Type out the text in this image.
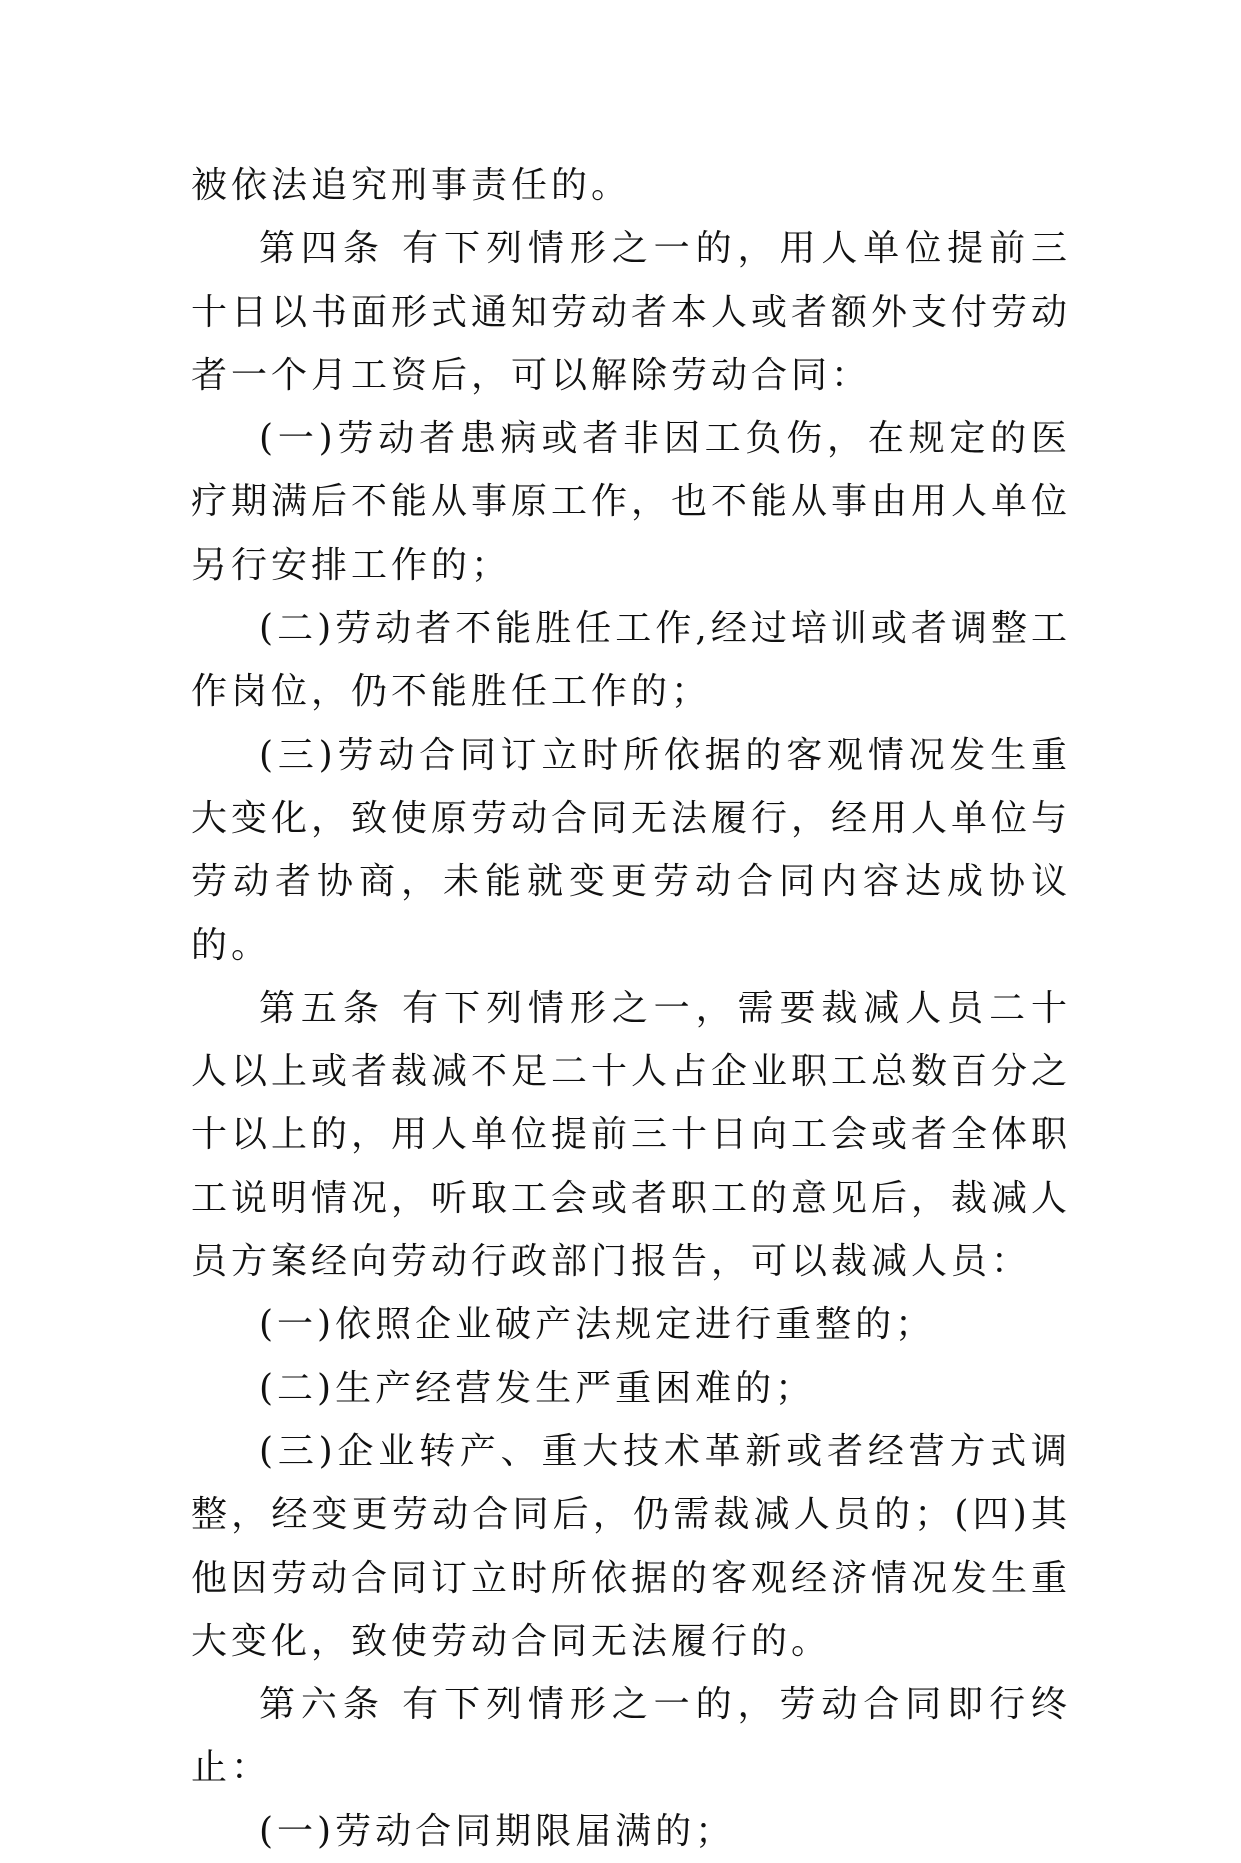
被依法追究刑事责任的。

第四条 有下列情形之一的，用人单位提前三十日以书面形式通知劳动者本人或者额外支付劳动者一个月工资后，可以解除劳动合同：

(一)劳动者患病或者非因工负伤，在规定的医疗期满后不能从事原工作，也不能从事由用人单位另行安排工作的；

(二)劳动者不能胜任工作,经过培训或者调整工作岗位，仍不能胜任工作的；

(三)劳动合同订立时所依据的客观情况发生重大变化，致使原劳动合同无法履行，经用人单位与劳动者协商，未能就变更劳动合同内容达成协议的。

第五条 有下列情形之一，需要裁减人员二十人以上或者裁减不足二十人占企业职工总数百分之十以上的，用人单位提前三十日向工会或者全体职工说明情况，听取工会或者职工的意见后，裁减人员方案经向劳动行政部门报告，可以裁减人员：

(一)依照企业破产法规定进行重整的；

(二)生产经营发生严重困难的；

(三)企业转产、重大技术革新或者经营方式调整，经变更劳动合同后，仍需裁减人员的；(四)其他因劳动合同订立时所依据的客观经济情况发生重大变化，致使劳动合同无法履行的。

第六条 有下列情形之一的，劳动合同即行终止：

(一)劳动合同期限届满的；
